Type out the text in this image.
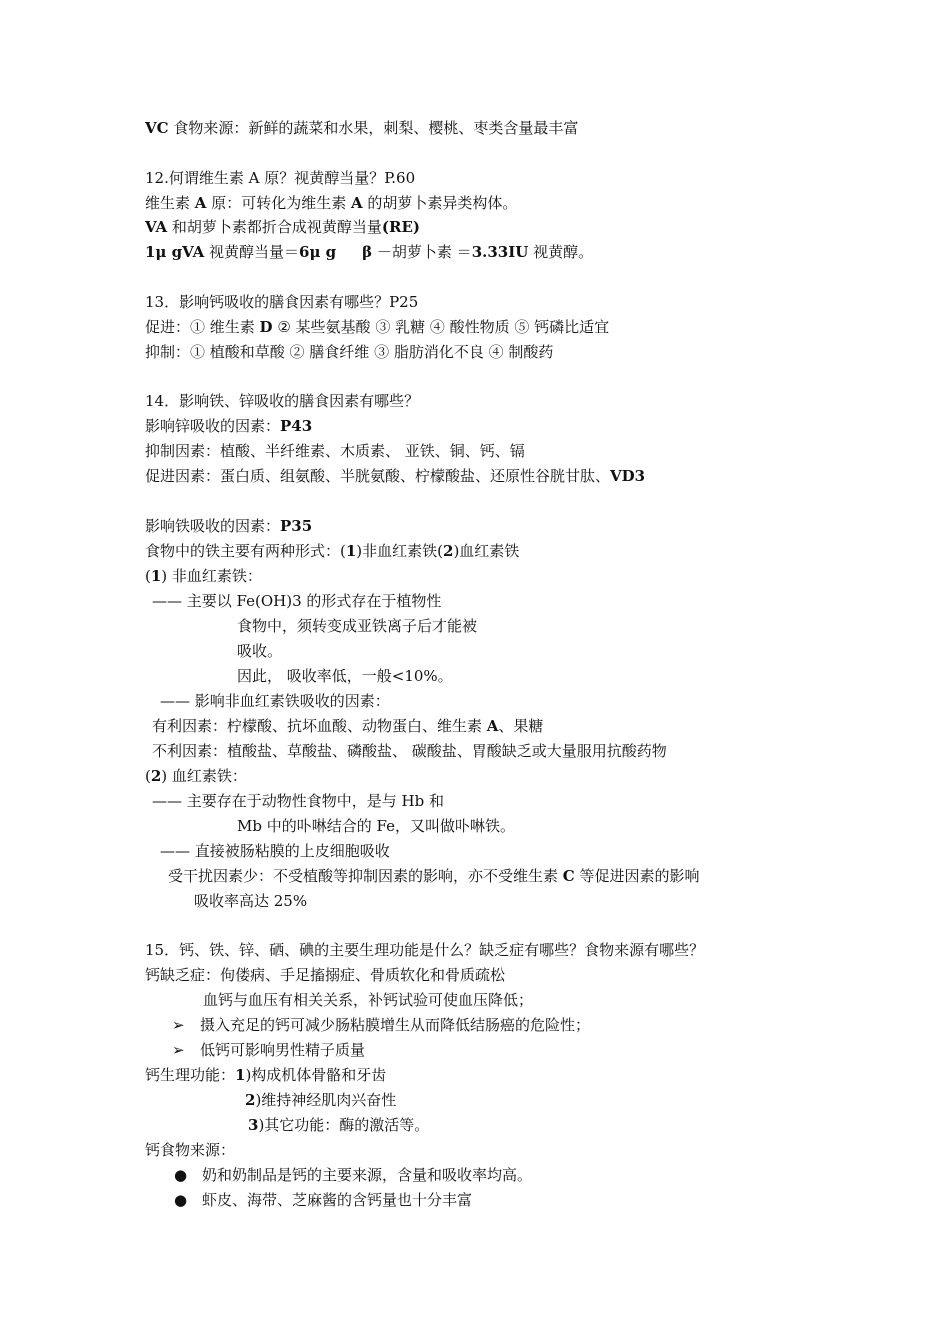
VC 食物来源：新鲜的蔬菜和水果，刺梨、樱桃、枣类含量最丰富
12.何谓维生素 A 原？视黄醇当量？P.60
维生素 A 原：可转化为维生素 A 的胡萝卜素异类构体。
VA 和胡萝卜素都折合成视黄醇当量(RE)
1μ gVA 视黄醇当量＝6μ g β －胡萝卜素 ＝3.33IU 视黄醇。
13．影响钙吸收的膳食因素有哪些？P25
促进：① 维生素 D ② 某些氨基酸 ③ 乳糖 ④ 酸性物质 ⑤ 钙磷比适宜
抑制：① 植酸和草酸 ② 膳食纤维 ③ 脂肪消化不良 ④ 制酸药
14．影响铁、锌吸收的膳食因素有哪些？
影响锌吸收的因素：P43
抑制因素：植酸、半纤维素、木质素、 亚铁、铜、钙、镉
促进因素：蛋白质、组氨酸、半胱氨酸、柠檬酸盐、还原性谷胱甘肽、VD3
影响铁吸收的因素：P35
食物中的铁主要有两种形式：(1)非血红素铁(2)血红素铁
(1) 非血红素铁：
—— 主要以 Fe(OH)3 的形式存在于植物性
食物中，须转变成亚铁离子后才能被
吸收。
因此， 吸收率低，一般<10%。
—— 影响非血红素铁吸收的因素：
有利因素：柠檬酸、抗坏血酸、动物蛋白、维生素 A、果糖
不利因素：植酸盐、草酸盐、磷酸盐、 碳酸盐、胃酸缺乏或大量服用抗酸药物
(2) 血红素铁：
—— 主要存在于动物性食物中，是与 Hb 和
Mb 中的卟啉结合的 Fe，又叫做卟啉铁。
—— 直接被肠粘膜的上皮细胞吸收
受干扰因素少：不受植酸等抑制因素的影响，亦不受维生素 C 等促进因素的影响
吸收率高达 25%
15．钙、铁、锌、硒、碘的主要生理功能是什么？缺乏症有哪些？食物来源有哪些？
钙缺乏症：佝偻病、手足搐搦症、骨质软化和骨质疏松
血钙与血压有相关关系，补钙试验可使血压降低；
➢ 摄入充足的钙可减少肠粘膜增生从而降低结肠癌的危险性；
➢ 低钙可影响男性精子质量
钙生理功能：1)构成机体骨骼和牙齿
2)维持神经肌肉兴奋性
3)其它功能：酶的激活等。
钙食物来源：
● 奶和奶制品是钙的主要来源，含量和吸收率均高。
● 虾皮、海带、芝麻酱的含钙量也十分丰富
